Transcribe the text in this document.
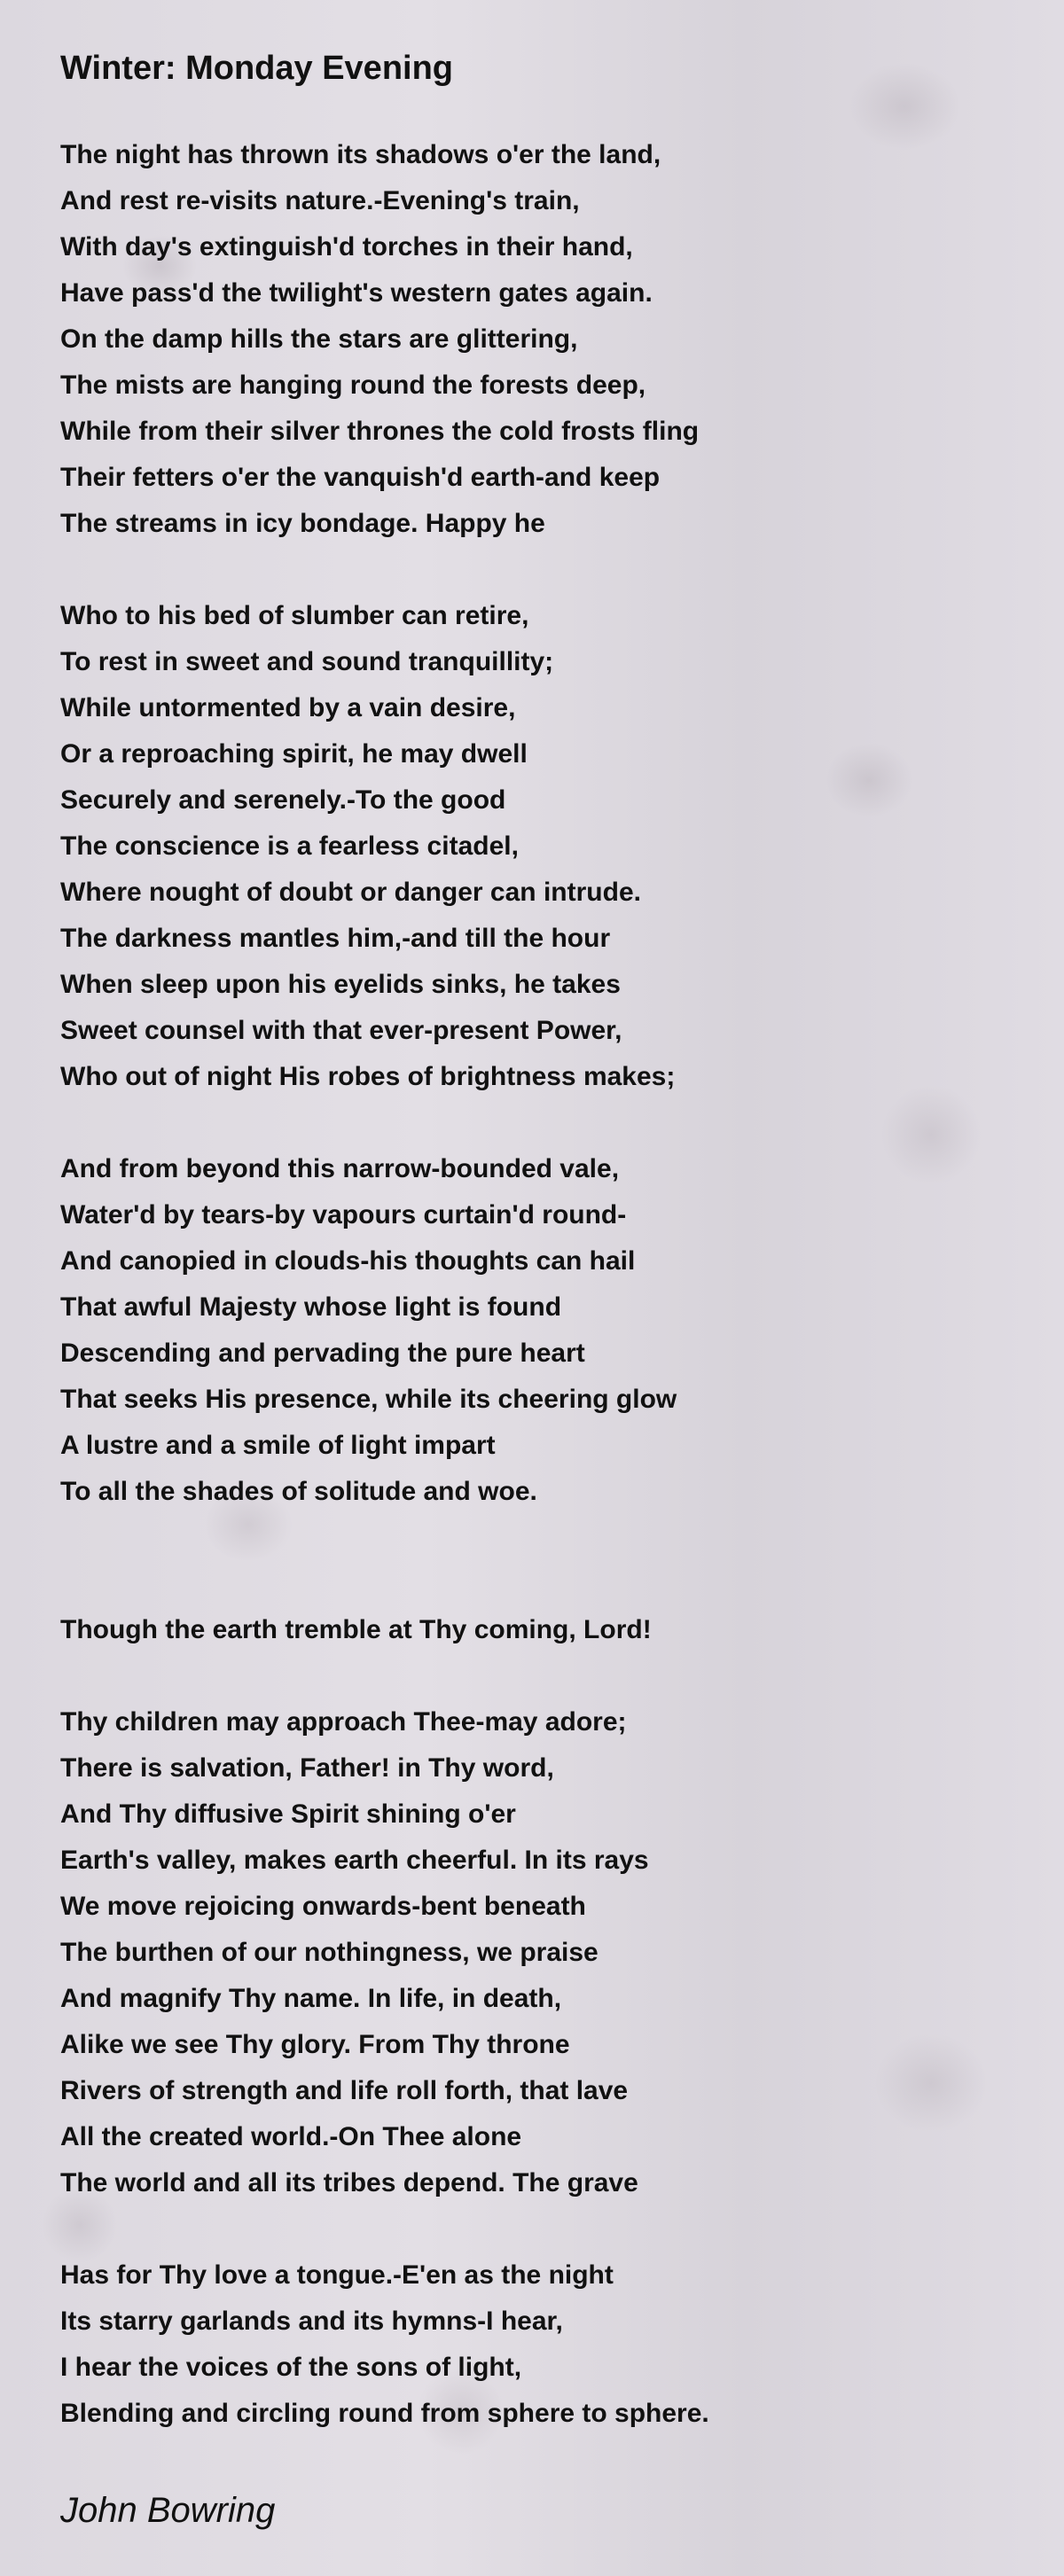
Winter: Monday Evening

The night has thrown its shadows o'er the land,

And rest re-visits nature.-Evening's train,

With day's extinguish'd torches in their hand,

Have pass'd the twilight's western gates again.

On the damp hills the stars are glittering,

The mists are hanging round the forests deep,

While from their silver thrones the cold frosts fling

Their fetters o'er the vanquish'd earth-and keep

The streams in icy bondage. Happy he

Who to his bed of slumber can retire,

To rest in sweet and sound tranquillity;

While untormented by a vain desire,

Or a reproaching spirit, he may dwell

Securely and serenely.-To the good

The conscience is a fearless citadel,

Where nought of doubt or danger can intrude.

The darkness mantles him,-and till the hour

When sleep upon his eyelids sinks, he takes

Sweet counsel with that ever-present Power,

Who out of night His robes of brightness makes;

And from beyond this narrow-bounded vale,

Water'd by tears-by vapours curtain'd round-

And canopied in clouds-his thoughts can hail

That awful Majesty whose light is found

Descending and pervading the pure heart

That seeks His presence, while its cheering glow

A lustre and a smile of light impart

To all the shades of solitude and woe.

Though the earth tremble at Thy coming, Lord!

Thy children may approach Thee-may adore;

There is salvation, Father! in Thy word,

And Thy diffusive Spirit shining o'er

Earth's valley, makes earth cheerful. In its rays

We move rejoicing onwards-bent beneath

The burthen of our nothingness, we praise

And magnify Thy name. In life, in death,

Alike we see Thy glory. From Thy throne

Rivers of strength and life roll forth, that lave

All the created world.-On Thee alone

The world and all its tribes depend. The grave

Has for Thy love a tongue.-E'en as the night

Its starry garlands and its hymns-I hear,

I hear the voices of the sons of light,

Blending and circling round from sphere to sphere.

John Bowring
